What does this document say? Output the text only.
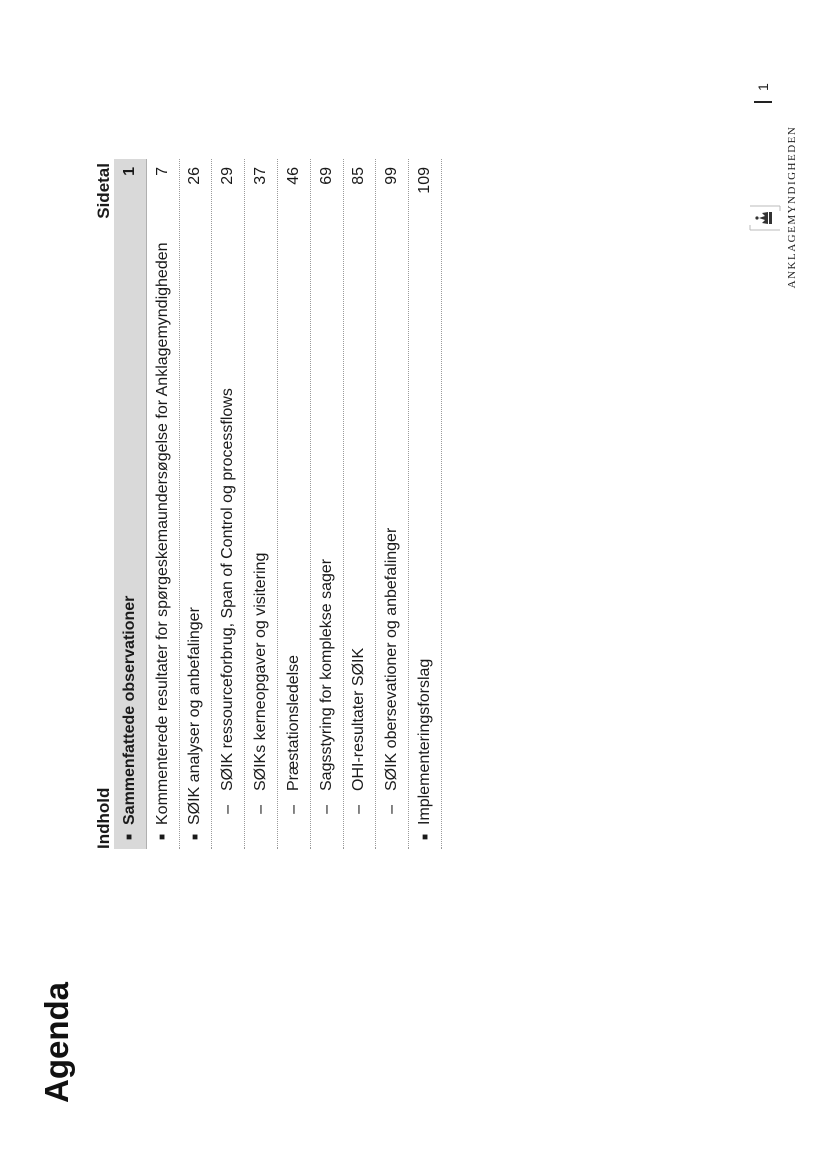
Agenda
Indhold
Sidetal
■
Sammenfattede observationer
1
■
Kommenterede resultater for spørgeskemaundersøgelse for Anklagemyndigheden
7
■
SØIK analyser og anbefalinger
26
–
SØIK ressourceforbrug, Span of Control og processflows
29
–
SØIKs kerneopgaver og visitering
37
–
Præstationsledelse
46
–
Sagsstyring for komplekse sager
69
–
OHI-resultater SØIK
85
–
SØIK obersevationer og anbefalinger
99
■
Implementeringsforslag
109	ANKLAGEMYNDIGHEDEN
1
